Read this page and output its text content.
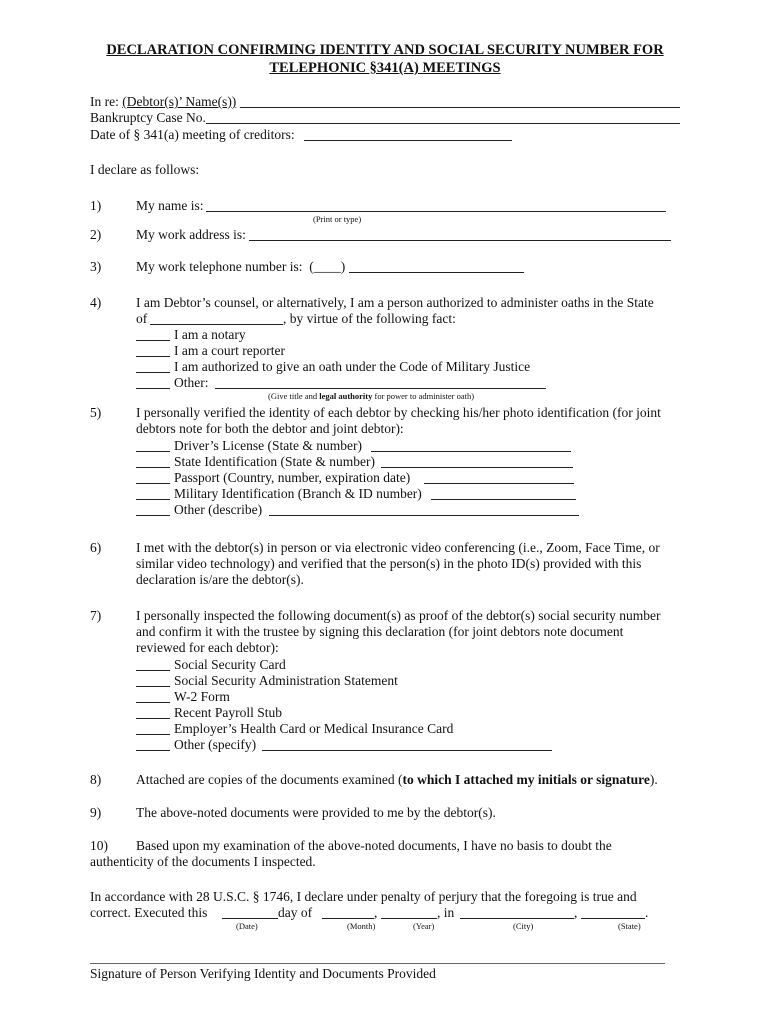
DECLARATION CONFIRMING IDENTITY AND SOCIAL SECURITY NUMBER FOR
TELEPHONIC §341(A) MEETINGS
In re: (Debtor(s)’ Name(s))
Bankruptcy Case No.
Date of § 341(a) meeting of creditors:
I declare as follows:
1)	My name is:
(Print or type)
2)	My work address is:
3)	My work telephone number is: (____)
4)	I am Debtor’s counsel, or alternatively, I am a person authorized to administer oaths in the State
of	, by virtue of the following fact:
I am a notary
I am a court reporter
I am authorized to give an oath under the Code of Military Justice
Other:
(Give title and legal authority for power to administer oath)
5)	I personally verified the identity of each debtor by checking his/her photo identification (for joint
debtors note for both the debtor and joint debtor):
Driver’s License (State & number)
State Identification (State & number)
Passport (Country, number, expiration date)
Military Identification (Branch & ID number)
Other (describe)
6)	I met with the debtor(s) in person or via electronic video conferencing (i.e., Zoom, Face Time, or
similar video technology) and verified that the person(s) in the photo ID(s) provided with this
declaration is/are the debtor(s).
7)	I personally inspected the following document(s) as proof of the debtor(s) social security number
and confirm it with the trustee by signing this declaration (for joint debtors note document
reviewed for each debtor):
Social Security Card
Social Security Administration Statement
W-2 Form
Recent Payroll Stub
Employer’s Health Card or Medical Insurance Card
Other (specify)
8)	Attached are copies of the documents examined (to which I attached my initials or signature).
9)	The above-noted documents were provided to me by the debtor(s).
10) Based upon my examination of the above-noted documents, I have no basis to doubt the
authenticity of the documents I inspected.
In accordance with 28 U.S.C. § 1746, I declare under penalty of perjury that the foregoing is true and
correct. Executed this	day of	,	, in	,	.
(Date)	(Month)	(Year)	(City)	(State)
Signature of Person Verifying Identity and Documents Provided
